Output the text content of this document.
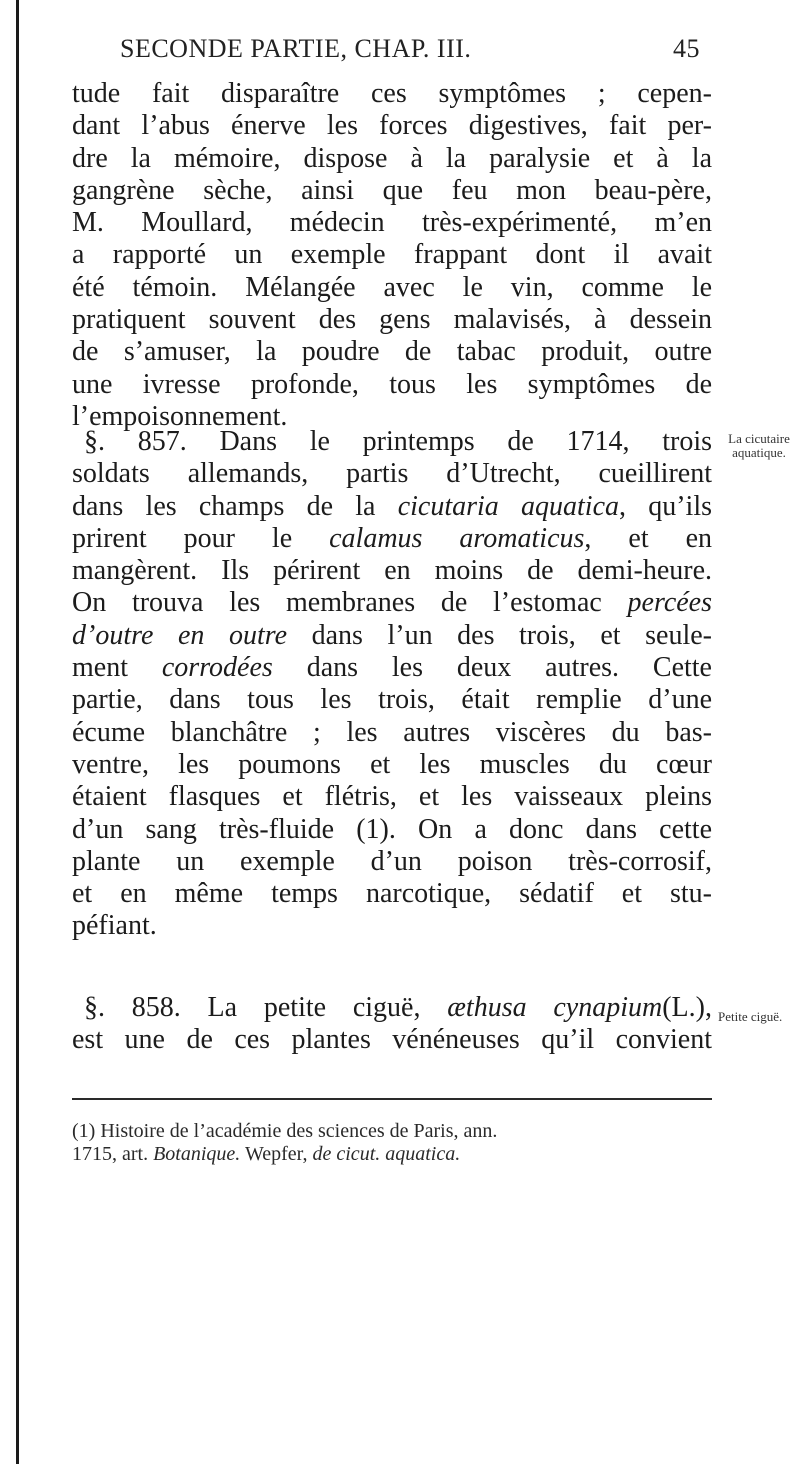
SECONDE PARTIE, CHAP. III.	45
tude fait disparaître ces symptômes ; cepen-
dant l’abus énerve les forces digestives, fait per-
dre la mémoire, dispose à la paralysie et à la
gangrène sèche, ainsi que feu mon beau-père,
M. Moullard, médecin très-expérimenté, m’en
a rapporté un exemple frappant dont il avait
été témoin. Mélangée avec le vin, comme le
pratiquent souvent des gens malavisés, à dessein
de s’amuser, la poudre de tabac produit, outre
une ivresse profonde, tous les symptômes de
l’empoisonnement.
§. 857. Dans le printemps de 1714, trois
soldats allemands, partis d’Utrecht, cueillirent
dans les champs de la cicutaria aquatica, qu’ils
prirent pour le calamus aromaticus, et en
mangèrent. Ils périrent en moins de demi-heure.
On trouva les membranes de l’estomac percées
d’outre en outre dans l’un des trois, et seule-
ment corrodées dans les deux autres. Cette
partie, dans tous les trois, était remplie d’une
écume blanchâtre ; les autres viscères du bas-
ventre, les poumons et les muscles du cœur
étaient flasques et flétris, et les vaisseaux pleins
d’un sang très-fluide (1). On a donc dans cette
plante un exemple d’un poison très-corrosif,
et en même temps narcotique, sédatif et stu-
péfiant.
§. 858. La petite ciguë, æthusa cynapium(L.),
est une de ces plantes vénéneuses qu’il convient
La cicutaire
aquatique.
Petite ciguë.
(1) Histoire de l’académie des sciences de Paris, ann.
1715, art. Botanique. Wepfer, de cicut. aquatica.
